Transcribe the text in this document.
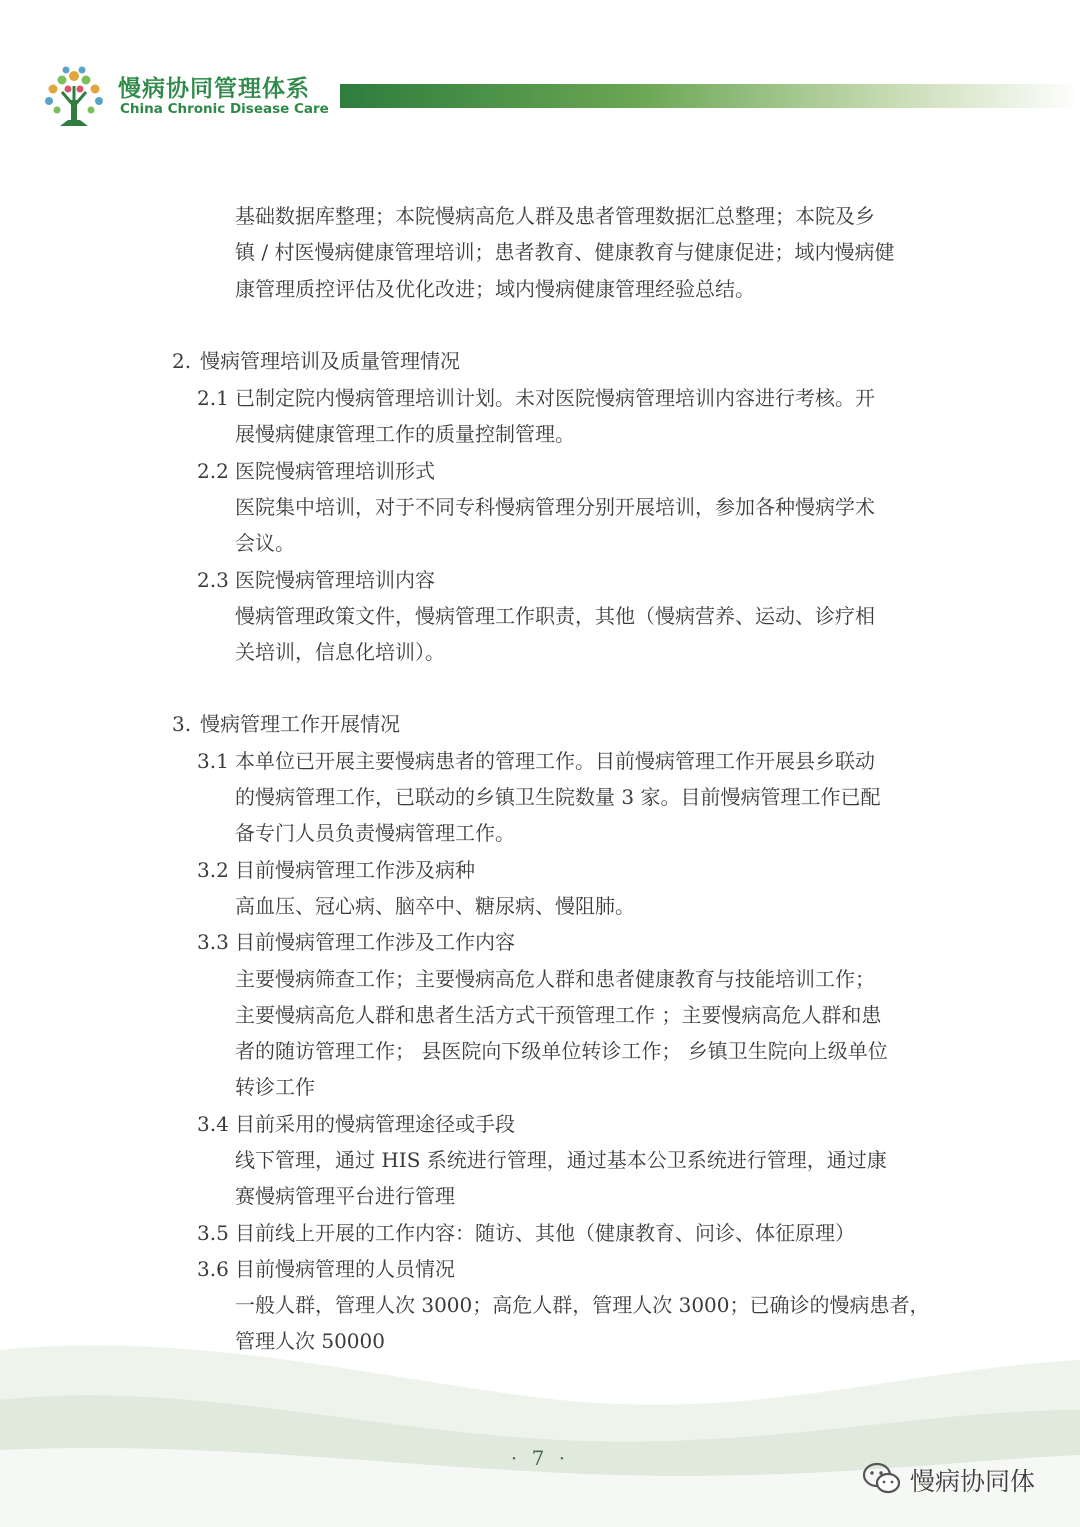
慢病协同管理体系
China Chronic Disease Care
基础数据库整理；本院慢病高危人群及患者管理数据汇总整理；本院及乡
镇 / 村医慢病健康管理培训；患者教育、健康教育与健康促进；域内慢病健
康管理质控评估及优化改进；域内慢病健康管理经验总结。
2. 慢病管理培训及质量管理情况
2.1 已制定院内慢病管理培训计划。未对医院慢病管理培训内容进行考核。开
展慢病健康管理工作的质量控制管理。
2.2 医院慢病管理培训形式
医院集中培训，对于不同专科慢病管理分别开展培训，参加各种慢病学术
会议。
2.3 医院慢病管理培训内容
慢病管理政策文件，慢病管理工作职责，其他（慢病营养、运动、诊疗相
关培训，信息化培训）。
3. 慢病管理工作开展情况
3.1 本单位已开展主要慢病患者的管理工作。目前慢病管理工作开展县乡联动
的慢病管理工作，已联动的乡镇卫生院数量 3 家。目前慢病管理工作已配
备专门人员负责慢病管理工作。
3.2 目前慢病管理工作涉及病种
高血压、冠心病、脑卒中、糖尿病、慢阻肺。
3.3 目前慢病管理工作涉及工作内容
主要慢病筛查工作；主要慢病高危人群和患者健康教育与技能培训工作；
主要慢病高危人群和患者生活方式干预管理工作 ；主要慢病高危人群和患
者的随访管理工作； 县医院向下级单位转诊工作； 乡镇卫生院向上级单位
转诊工作
3.4 目前采用的慢病管理途径或手段
线下管理，通过 HIS 系统进行管理，通过基本公卫系统进行管理，通过康
赛慢病管理平台进行管理
3.5 目前线上开展的工作内容：随访、其他（健康教育、问诊、体征原理）
3.6 目前慢病管理的人员情况
一般人群，管理人次 3000；高危人群，管理人次 3000；已确诊的慢病患者，
管理人次 50000
· 7 ·
慢病协同体
